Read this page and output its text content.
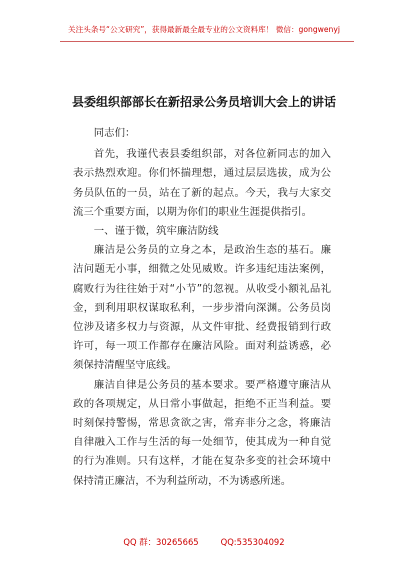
关注头条号“公文研究”，获得最新最全最专业的公文资料库！ 微信：gongwenyj
县委组织部部长在新招录公务员培训大会上的讲话

同志们：

首先，我谨代表县委组织部，对各位新同志的加入表示热烈欢迎。你们怀揣理想，通过层层选拔，成为公务员队伍的一员，站在了新的起点。今天，我与大家交流三个重要方面，以期为你们的职业生涯提供指引。

一、谨于微，筑牢廉洁防线

廉洁是公务员的立身之本，是政治生态的基石。廉洁问题无小事，细微之处见威败。许多违纪违法案例，腐败行为往往始于对“小节”的忽视。从收受小额礼品礼金，到利用职权谋取私利，一步步滑向深渊。公务员岗位涉及诸多权力与资源，从文件审批、经费报销到行政许可，每一项工作都存在廉洁风险。面对利益诱惑，必须保持清醒坚守底线。

廉洁自律是公务员的基本要求。要严格遵守廉洁从政的各项规定，从日常小事做起，拒绝不正当利益。要时刻保持警惕，常思贪欲之害，常弃非分之念，将廉洁自律融入工作与生活的每一处细节，使其成为一种自觉的行为准则。只有这样，才能在复杂多变的社会环境中保持清正廉洁，不为利益所动，不为诱惑所迷。

QQ 群：30265665	QQ:535304092
